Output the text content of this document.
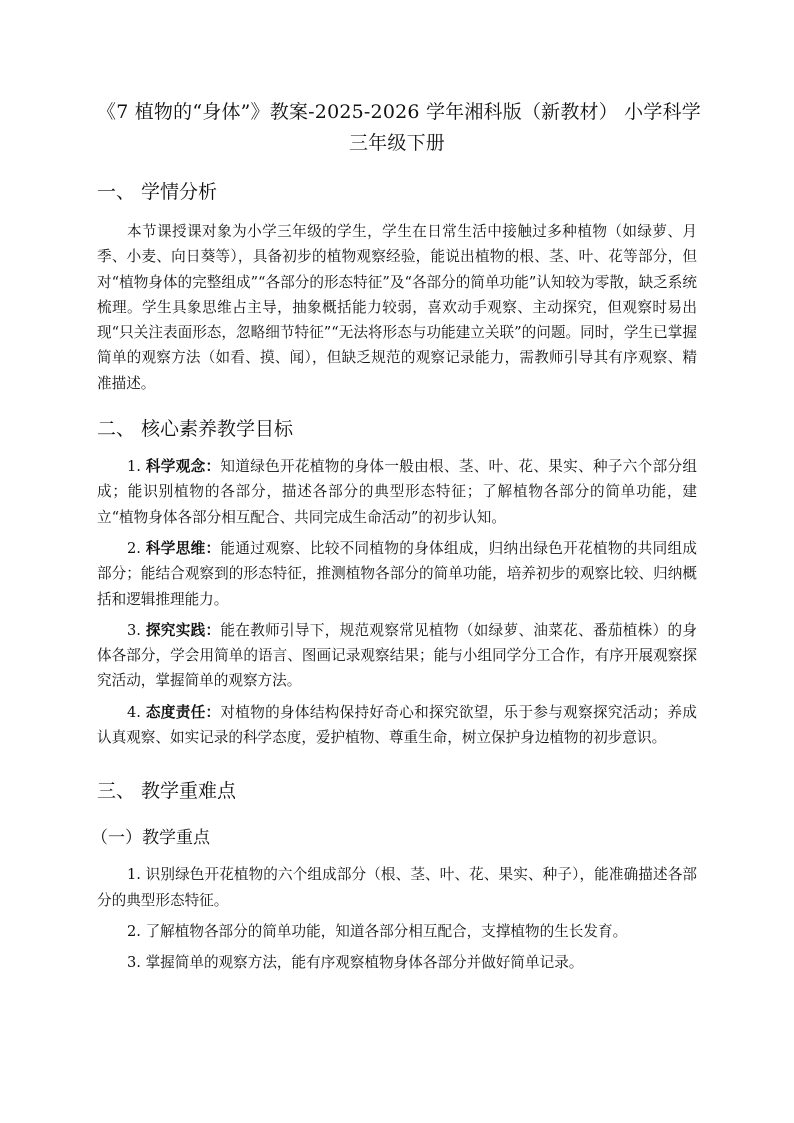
《7 植物的“身体”》教案-2025-2026 学年湘科版（新教材） 小学科学
三年级下册
一、 学情分析

本节课授课对象为小学三年级的学生，学生在日常生活中接触过多种植物（如绿萝、月季、小麦、向日葵等），具备初步的植物观察经验，能说出植物的根、茎、叶、花等部分，但对“植物身体的完整组成”“各部分的形态特征”及“各部分的简单功能”认知较为零散，缺乏系统梳理。学生具象思维占主导，抽象概括能力较弱，喜欢动手观察、主动探究，但观察时易出现“只关注表面形态，忽略细节特征”“无法将形态与功能建立关联”的问题。同时，学生已掌握简单的观察方法（如看、摸、闻），但缺乏规范的观察记录能力，需教师引导其有序观察、精准描述。

二、 核心素养教学目标

1. 科学观念：知道绿色开花植物的身体一般由根、茎、叶、花、果实、种子六个部分组成；能识别植物的各部分，描述各部分的典型形态特征；了解植物各部分的简单功能，建立“植物身体各部分相互配合、共同完成生命活动”的初步认知。

2. 科学思维：能通过观察、比较不同植物的身体组成，归纳出绿色开花植物的共同组成部分；能结合观察到的形态特征，推测植物各部分的简单功能，培养初步的观察比较、归纳概括和逻辑推理能力。

3. 探究实践：能在教师引导下，规范观察常见植物（如绿萝、油菜花、番茄植株）的身体各部分，学会用简单的语言、图画记录观察结果；能与小组同学分工合作，有序开展观察探究活动，掌握简单的观察方法。

4. 态度责任：对植物的身体结构保持好奇心和探究欲望，乐于参与观察探究活动；养成认真观察、如实记录的科学态度，爱护植物、尊重生命，树立保护身边植物的初步意识。

三、 教学重难点
（一）教学重点

1. 识别绿色开花植物的六个组成部分（根、茎、叶、花、果实、种子），能准确描述各部分的典型形态特征。

2. 了解植物各部分的简单功能，知道各部分相互配合，支撑植物的生长发育。

3. 掌握简单的观察方法，能有序观察植物身体各部分并做好简单记录。
